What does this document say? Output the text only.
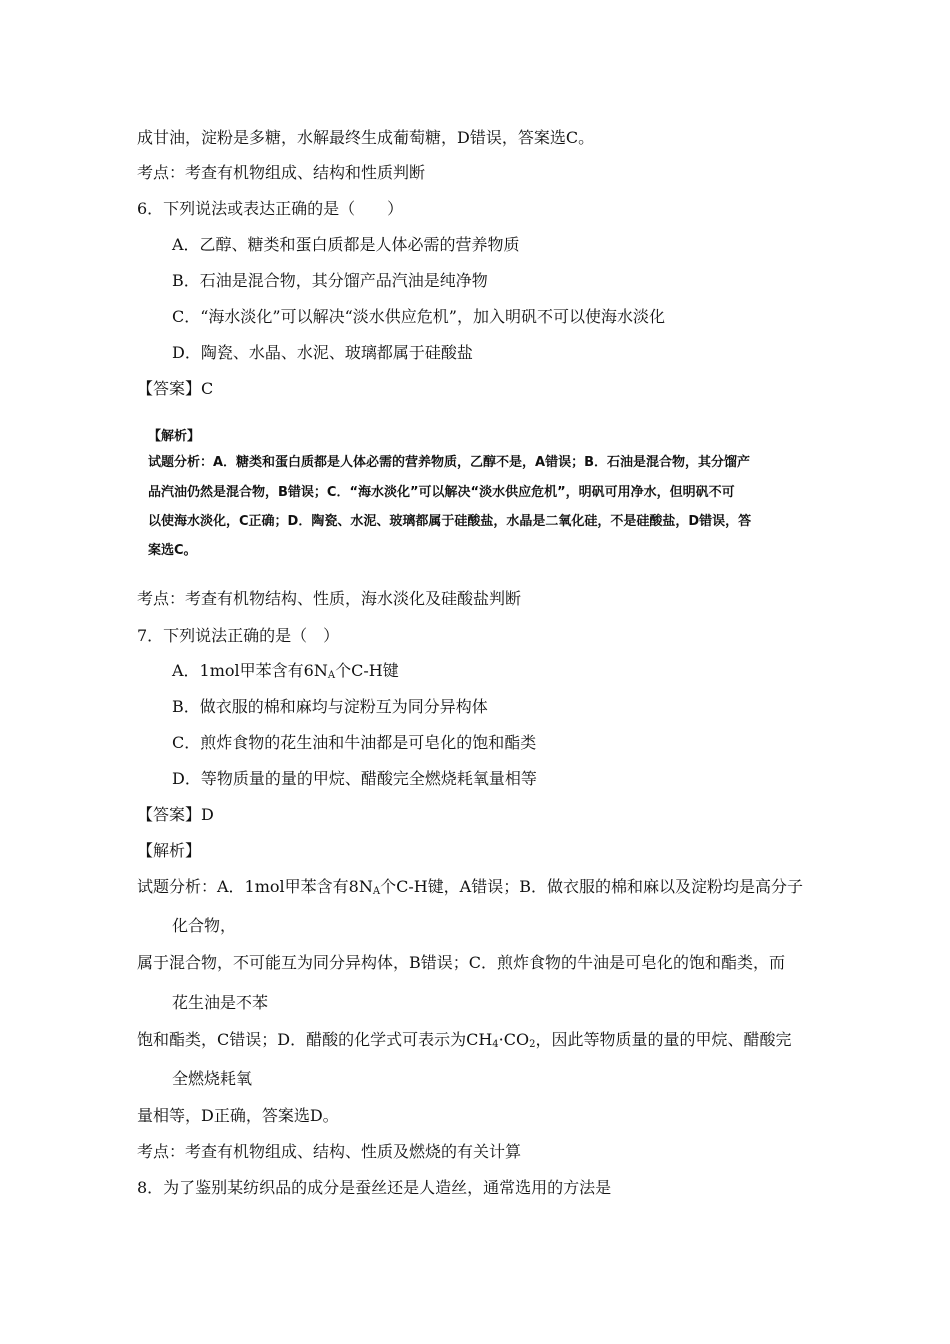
成甘油，淀粉是多糖，水解最终生成葡萄糖，D错误，答案选C。
考点：考查有机物组成、结构和性质判断
6．下列说法或表达正确的是（　　）
A．乙醇、糖类和蛋白质都是人体必需的营养物质
B．石油是混合物，其分馏产品汽油是纯净物
C．“海水淡化”可以解决“淡水供应危机”，加入明矾不可以使海水淡化
D．陶瓷、水晶、水泥、玻璃都属于硅酸盐
【答案】C
【解析】
试题分析：A．糖类和蛋白质都是人体必需的营养物质，乙醇不是，A错误；B．石油是混合物，其分馏产
品汽油仍然是混合物，B错误；C．“海水淡化”可以解决“淡水供应危机”，明矾可用净水，但明矾不可
以使海水淡化，C正确；D．陶瓷、水泥、玻璃都属于硅酸盐，水晶是二氧化硅，不是硅酸盐，D错误，答
案选C。
考点：考查有机物结构、性质，海水淡化及硅酸盐判断
7．下列说法正确的是（　）
A．1mol甲苯含有$6N_A$个C-H键
B．做衣服的棉和麻均与淀粉互为同分异构体
C．煎炸食物的花生油和牛油都是可皂化的饱和酯类
D．等物质量的量的甲烷、醋酸完全燃烧耗氧量相等
【答案】D
【解析】
试题分析：A．1mol甲苯含有$8N_A$个C-H键，A错误；B．做衣服的棉和麻以及淀粉均是高分子
化合物，
属于混合物，不可能互为同分异构体，B错误；C．煎炸食物的牛油是可皂化的饱和酯类，而
花生油是不苯
饱和酯类，C错误；D．醋酸的化学式可表示为$CH_4\cdot CO_2$，因此等物质量的量的甲烷、醋酸完
全燃烧耗氧
量相等，D正确，答案选D。
考点：考查有机物组成、结构、性质及燃烧的有关计算
8．为了鉴别某纺织品的成分是蚕丝还是人造丝，通常选用的方法是
